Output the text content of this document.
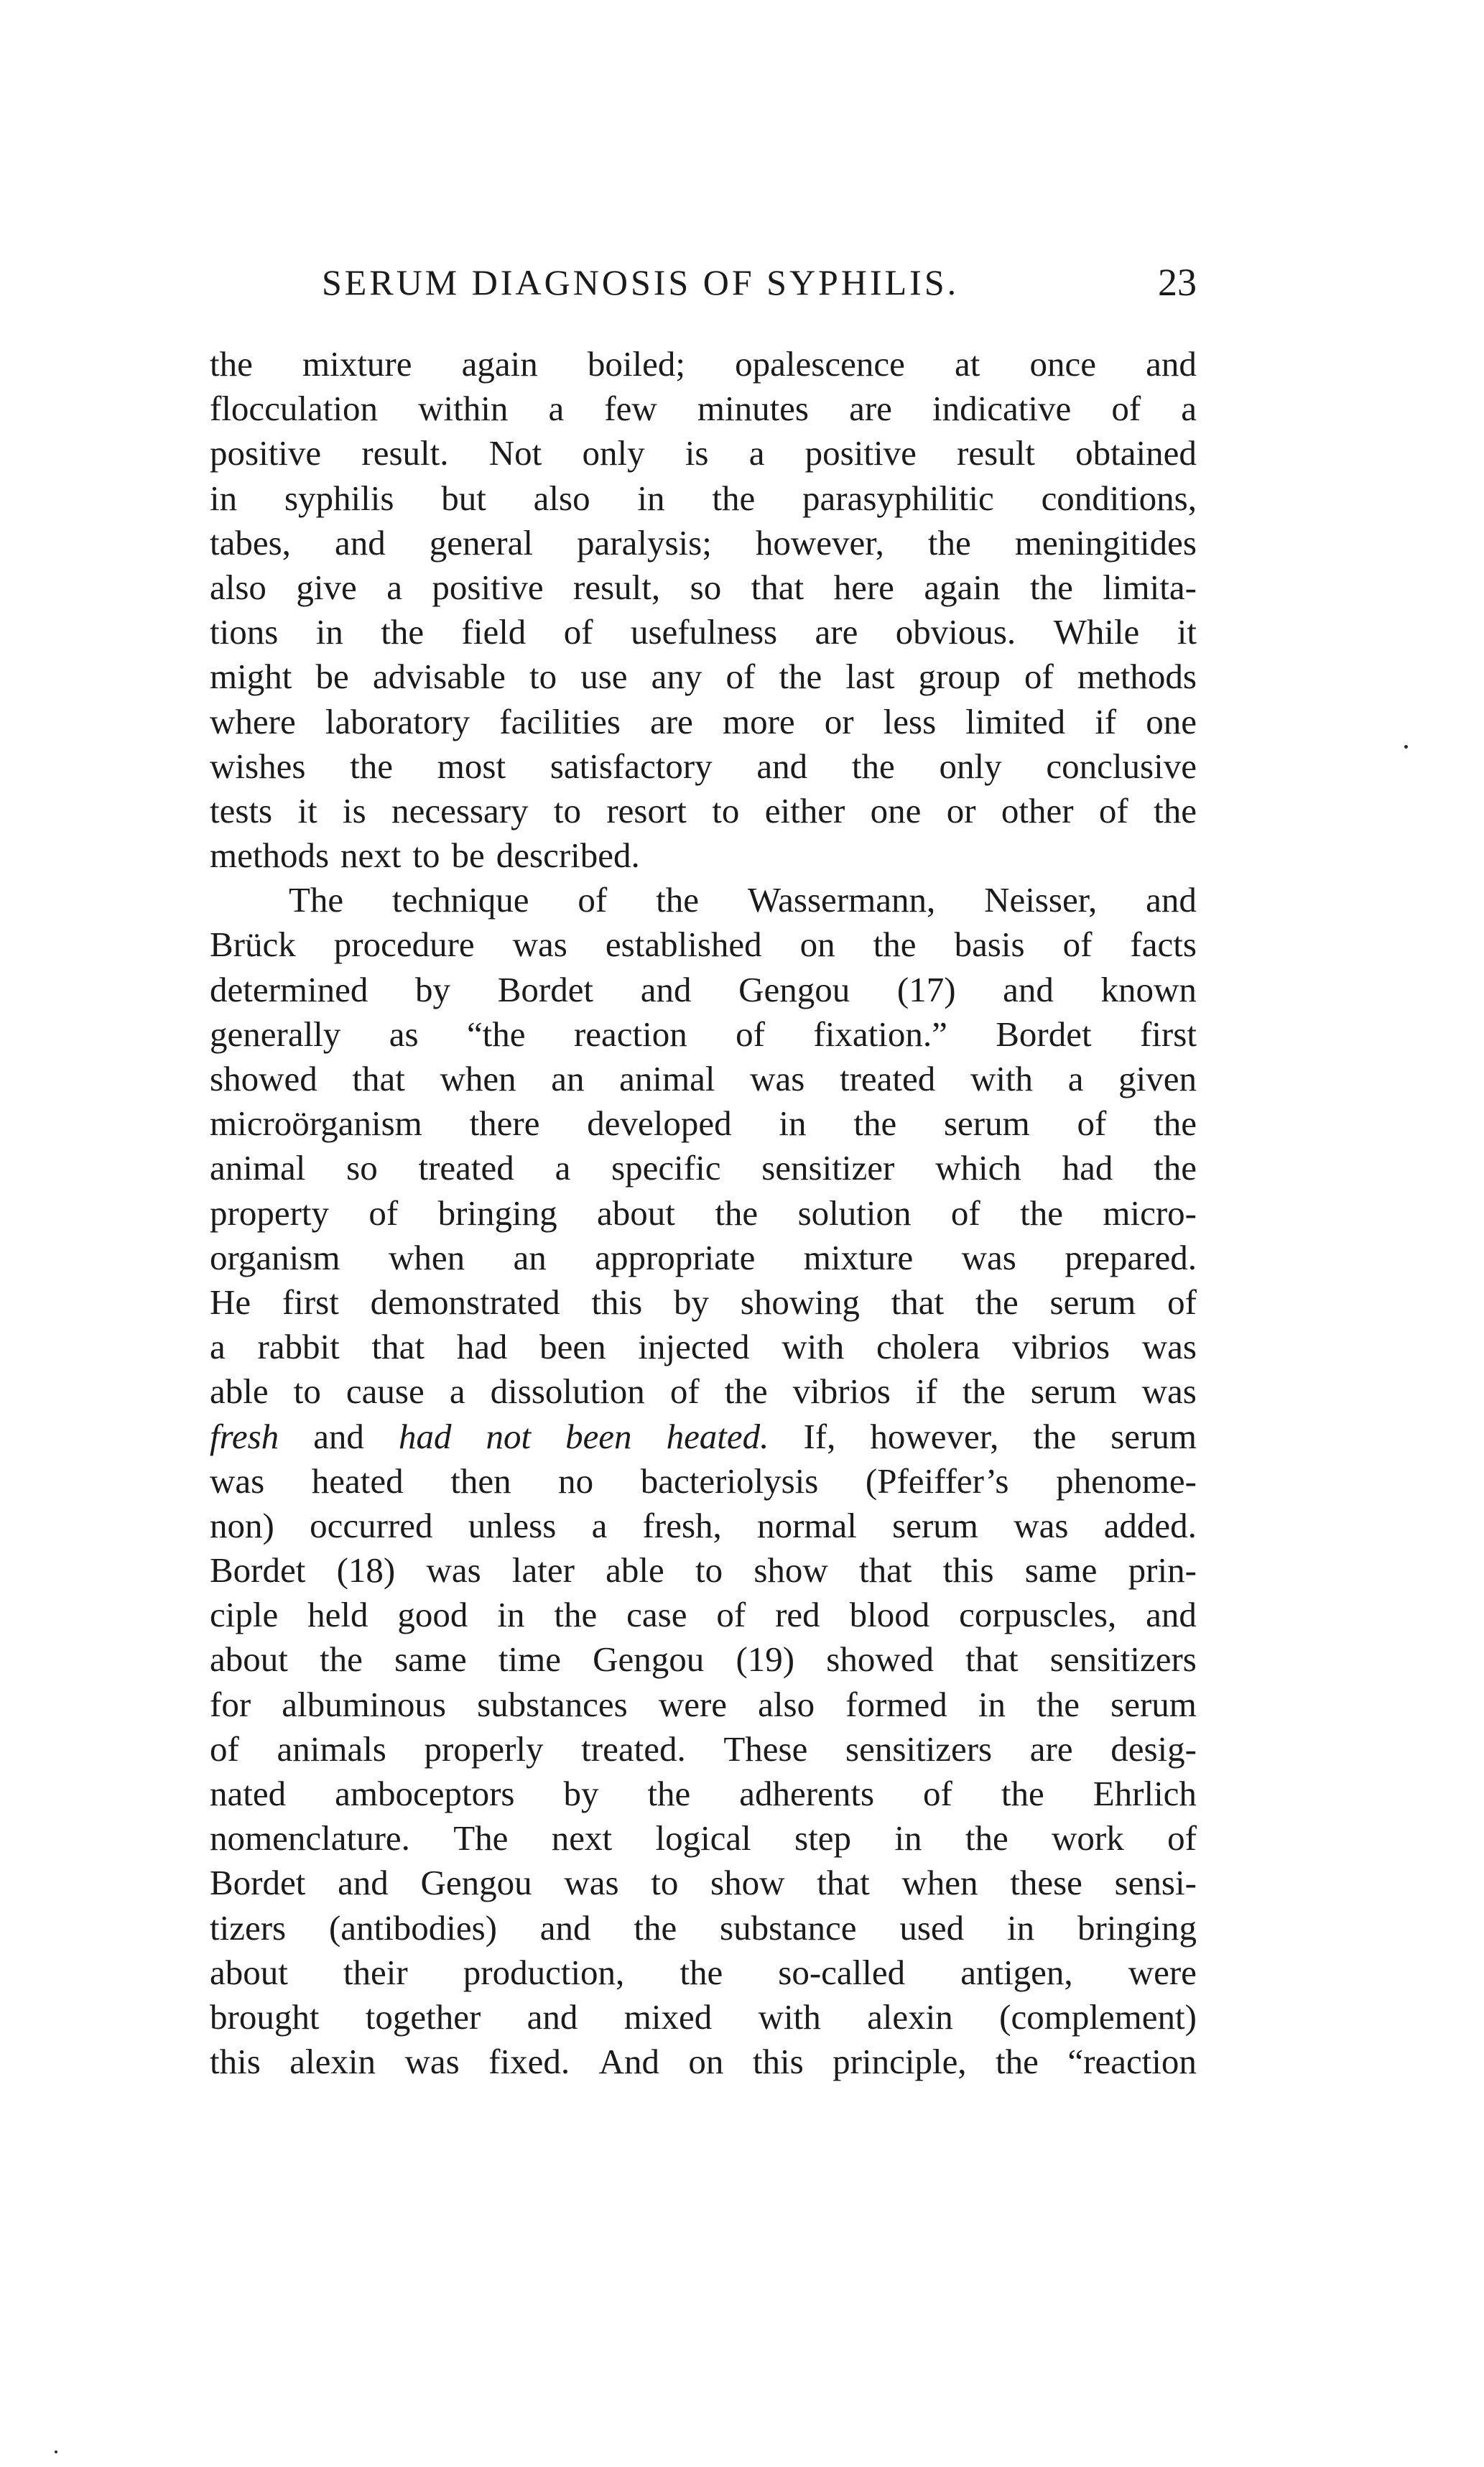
SERUM DIAGNOSIS OF SYPHILIS.	23
the mixture again boiled; opalescence at once and
flocculation within a few minutes are indicative of a
positive result. Not only is a positive result obtained
in syphilis but also in the parasyphilitic conditions,
tabes, and general paralysis; however, the meningitides
also give a positive result, so that here again the limita-
tions in the field of usefulness are obvious. While it
might be advisable to use any of the last group of methods
where laboratory facilities are more or less limited if one
wishes the most satisfactory and the only conclusive
tests it is necessary to resort to either one or other of the
methods next to be described.
The technique of the Wassermann, Neisser, and
Brück procedure was established on the basis of facts
determined by Bordet and Gengou (17) and known
generally as “the reaction of fixation.” Bordet first
showed that when an animal was treated with a given
microörganism there developed in the serum of the
animal so treated a specific sensitizer which had the
property of bringing about the solution of the micro-
organism when an appropriate mixture was prepared.
He first demonstrated this by showing that the serum of
a rabbit that had been injected with cholera vibrios was
able to cause a dissolution of the vibrios if the serum was
fresh and had not been heated. If, however, the serum
was heated then no bacteriolysis (Pfeiffer’s phenome-
non) occurred unless a fresh, normal serum was added.
Bordet (18) was later able to show that this same prin-
ciple held good in the case of red blood corpuscles, and
about the same time Gengou (19) showed that sensitizers
for albuminous substances were also formed in the serum
of animals properly treated. These sensitizers are desig-
nated amboceptors by the adherents of the Ehrlich
nomenclature. The next logical step in the work of
Bordet and Gengou was to show that when these sensi-
tizers (antibodies) and the substance used in bringing
about their production, the so-called antigen, were
brought together and mixed with alexin (complement)
this alexin was fixed. And on this principle, the “reaction
